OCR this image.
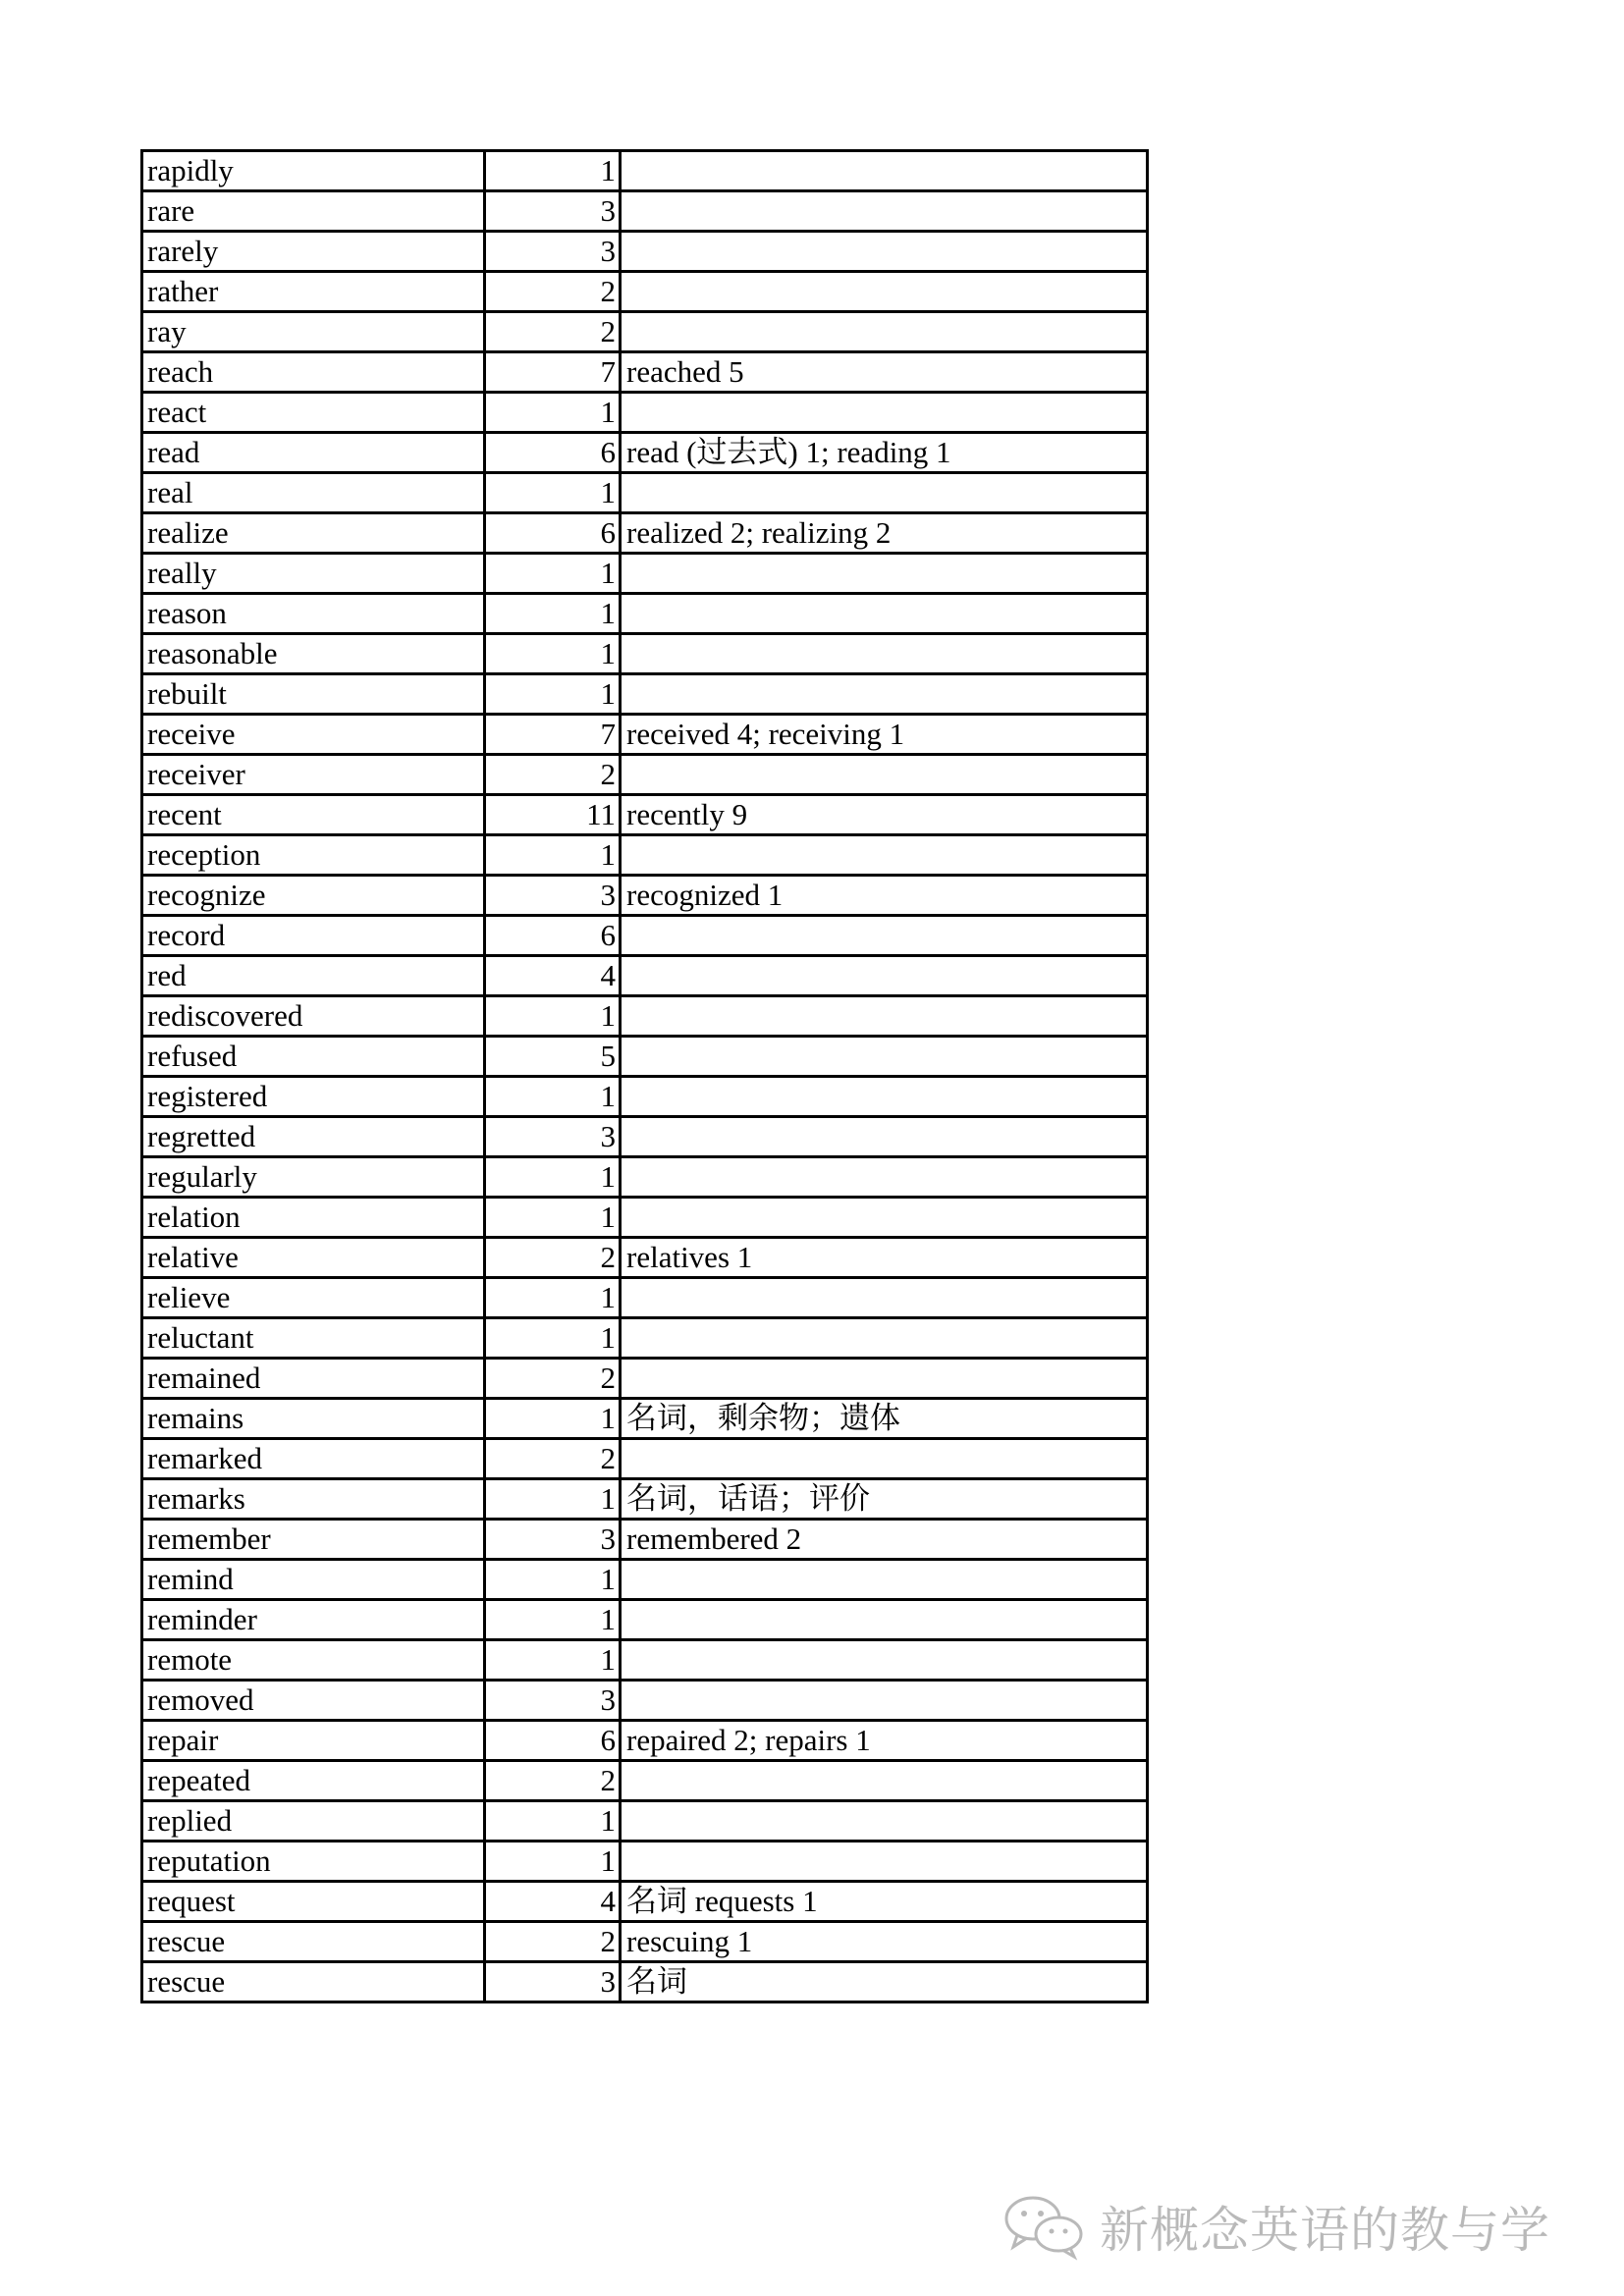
rapidly	1	
rare	3	
rarely	3	
rather	2	
ray	2	
reach	7	reached 5
react	1	
read	6	read (过去式) 1; reading 1
real	1	
realize	6	realized 2; realizing 2
really	1	
reason	1	
reasonable	1	
rebuilt	1	
receive	7	received 4; receiving 1
receiver	2	
recent	11	recently 9
reception	1	
recognize	3	recognized 1
record	6	
red	4	
rediscovered	1	
refused	5	
registered	1	
regretted	3	
regularly	1	
relation	1	
relative	2	relatives 1
relieve	1	
reluctant	1	
remained	2	
remains	1	名词，剩余物；遗体
remarked	2	
remarks	1	名词，话语；评价
remember	3	remembered 2
remind	1	
reminder	1	
remote	1	
removed	3	
repair	6	repaired 2; repairs 1
repeated	2	
replied	1	
reputation	1	
request	4	名词 requests 1
rescue	2	rescuing 1
rescue	3	名词
新概念英语的教与学
